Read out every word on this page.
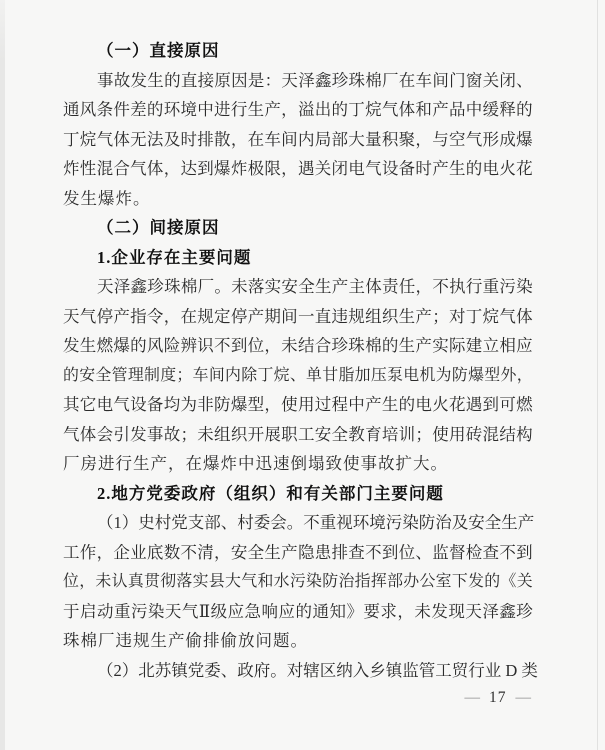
（一）直接原因
事 故 发 生 的 直 接 原 因 是 ： 天 泽 鑫 珍 珠 棉 厂 在 车 间 门 窗 关 闭 、
通 风 条 件 差 的 环 境 中 进 行 生 产 ， 溢 出 的 丁 烷 气 体 和 产 品 中 缓 释 的
丁 烷 气 体 无 法 及 时 排 散 ， 在 车 间 内 局 部 大 量 积 聚 ， 与 空 气 形 成 爆
炸 性 混 合 气 体 ， 达 到 爆 炸 极 限 ， 遇 关 闭 电 气 设 备 时 产 生 的 电 火 花
发生爆炸。
（二）间接原因
1.企业存在主要问题
天 泽 鑫 珍 珠 棉 厂 。 未 落 实 安 全 生 产 主 体 责 任 ， 不 执 行 重 污 染
天 气 停 产 指 令 ， 在 规 定 停 产 期 间 一 直 违 规 组 织 生 产 ； 对 丁 烷 气 体
发 生 燃 爆 的 风 险 辨 识 不 到 位 ， 未 结 合 珍 珠 棉 的 生 产 实 际 建 立 相 应
的 安 全 管 理 制 度 ； 车 间 内 除 丁 烷 、 单 甘 脂 加 压 泵 电 机 为 防 爆 型 外 ，
其 它 电 气 设 备 均 为 非 防 爆 型 ， 使 用 过 程 中 产 生 的 电 火 花 遇 到 可 燃
气 体 会 引 发 事 故 ； 未 组 织 开 展 职 工 安 全 教 育 培 训 ； 使 用 砖 混 结 构
厂房进行生产，在爆炸中迅速倒塌致使事故扩大。
2.地方党委政府（组织）和有关部门主要问题
（ 1 ） 史 村 党 支 部 、 村 委 会 。 不 重 视 环 境 污 染 防 治 及 安 全 生 产
工 作 ， 企 业 底 数 不 清 ， 安 全 生 产 隐 患 排 查 不 到 位 、 监 督 检 查 不 到
位 ， 未 认 真 贯 彻 落 实 县 大 气 和 水 污 染 防 治 指 挥 部 办 公 室 下 发 的 《 关
于 启 动 重 污 染 天 气 Ⅱ 级 应 急 响 应 的 通 知 》 要 求 ， 未 发 现 天 泽 鑫 珍
珠棉厂违规生产偷排偷放问题。
（ 2 ） 北 苏 镇 党 委 、 政 府 。 对 辖 区 纳 入 乡 镇 监 管 工 贸 行 业
D
类
— 17 —
